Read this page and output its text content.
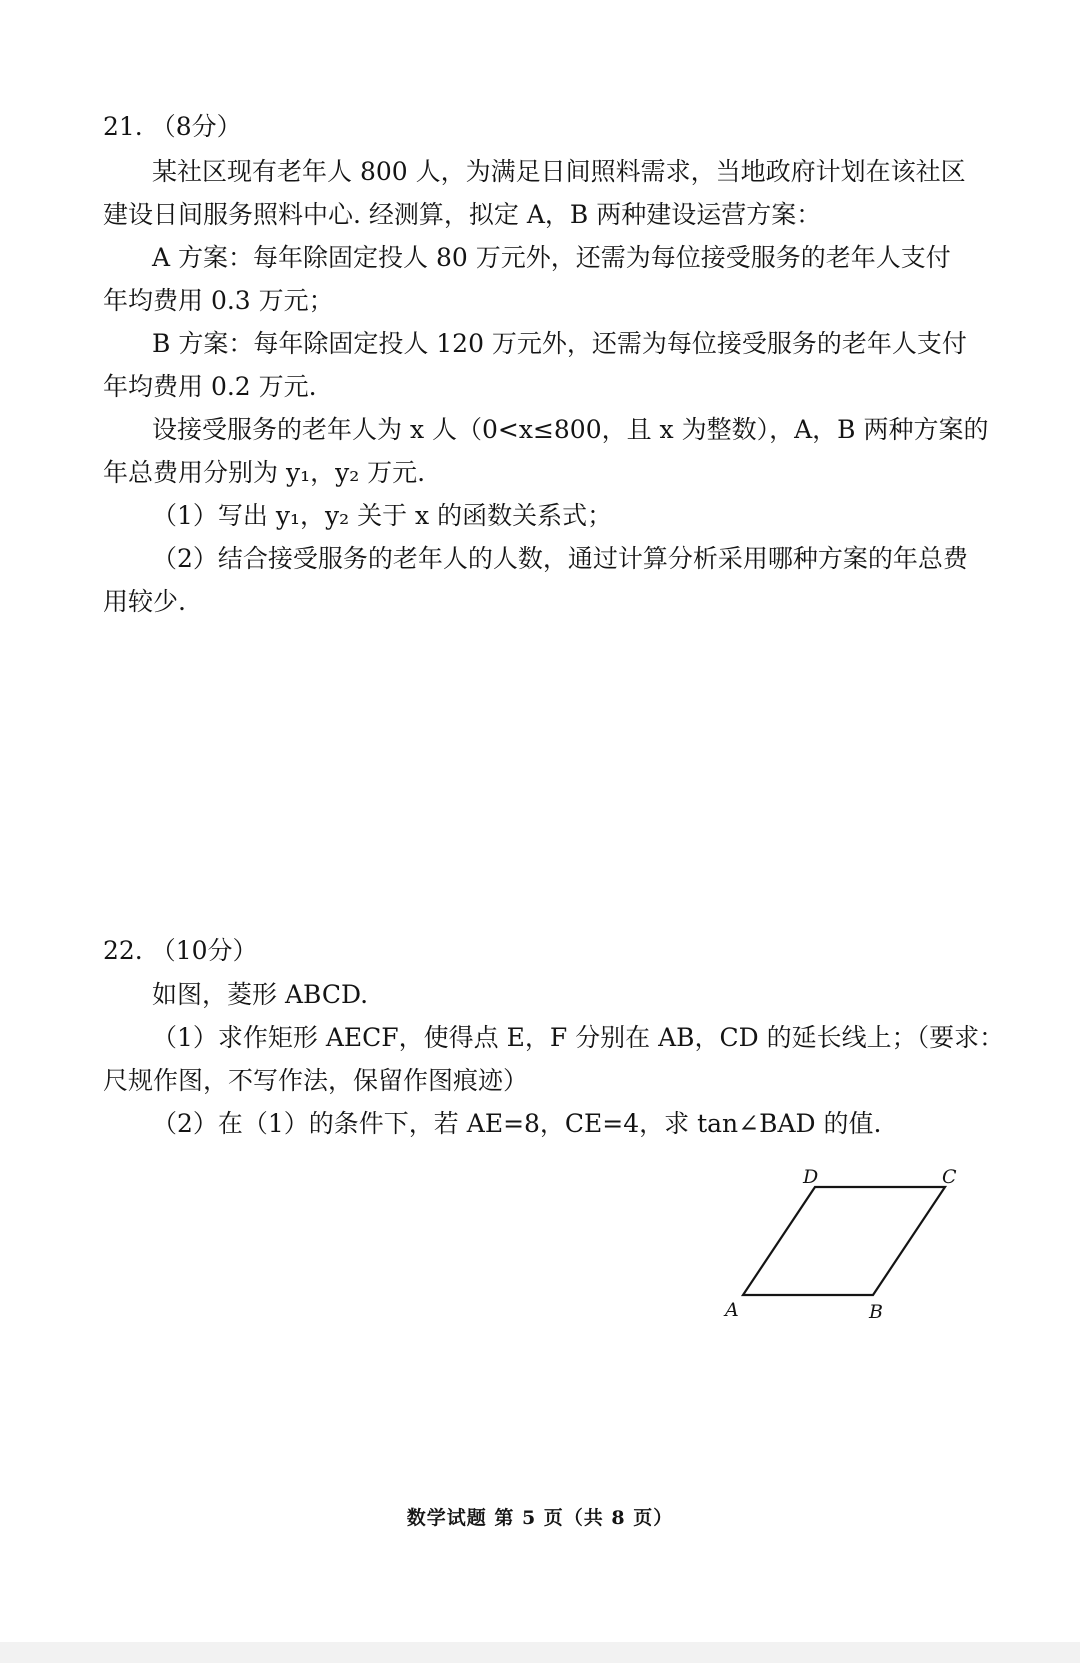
21. （8分）
某社区现有老年人 800 人，为满足日间照料需求，当地政府计划在该社区
建设日间服务照料中心. 经测算，拟定 A，B 两种建设运营方案：
A 方案：每年除固定投人 80 万元外，还需为每位接受服务的老年人支付
年均费用 0.3 万元；
B 方案：每年除固定投人 120 万元外，还需为每位接受服务的老年人支付
年均费用 0.2 万元.
设接受服务的老年人为 x 人（0<x≤800，且 x 为整数），A，B 两种方案的
年总费用分别为 y₁，y₂ 万元.
（1）写出 y₁，y₂ 关于 x 的函数关系式；
（2）结合接受服务的老年人的人数，通过计算分析采用哪种方案的年总费
用较少.
22. （10分）
如图，菱形 ABCD.
（1）求作矩形 AECF，使得点 E，F 分别在 AB，CD 的延长线上；（要求：
尺规作图，不写作法，保留作图痕迹）
（2）在（1）的条件下，若 AE=8，CE=4，求 tan∠BAD 的值.
A	B
C
D
数学试题 第 5 页（共 8 页）
